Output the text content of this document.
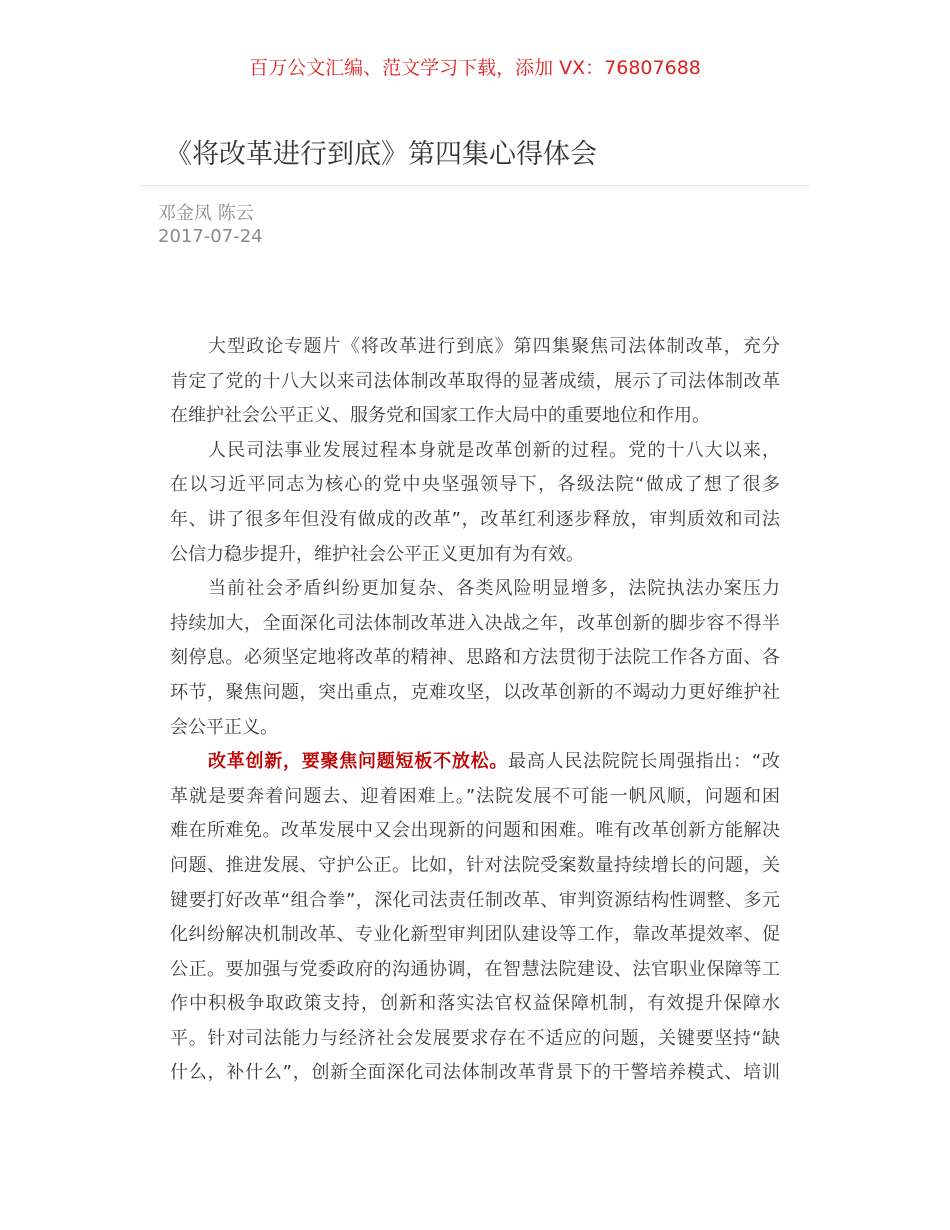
百万公文汇编、范文学习下载，添加 VX：76807688
《将改革进行到底》第四集心得体会
邓金凤 陈云
2017-07-24
大型政论专题片《将改革进行到底》第四集聚焦司法体制改革，充分
肯定了党的十八大以来司法体制改革取得的显著成绩，展示了司法体制改革
在维护社会公平正义、服务党和国家工作大局中的重要地位和作用。
人民司法事业发展过程本身就是改革创新的过程。党的十八大以来，
在以习近平同志为核心的党中央坚强领导下，各级法院“做成了想了很多
年、讲了很多年但没有做成的改革”，改革红利逐步释放，审判质效和司法
公信力稳步提升，维护社会公平正义更加有为有效。
当前社会矛盾纠纷更加复杂、各类风险明显增多，法院执法办案压力
持续加大，全面深化司法体制改革进入决战之年，改革创新的脚步容不得半
刻停息。必须坚定地将改革的精神、思路和方法贯彻于法院工作各方面、各
环节，聚焦问题，突出重点，克难攻坚，以改革创新的不竭动力更好维护社
会公平正义。
改革创新，要聚焦问题短板不放松。最高人民法院院长周强指出：“改
革就是要奔着问题去、迎着困难上。”法院发展不可能一帆风顺，问题和困
难在所难免。改革发展中又会出现新的问题和困难。唯有改革创新方能解决
问题、推进发展、守护公正。比如，针对法院受案数量持续增长的问题，关
键要打好改革“组合拳”，深化司法责任制改革、审判资源结构性调整、多元
化纠纷解决机制改革、专业化新型审判团队建设等工作，靠改革提效率、促
公正。要加强与党委政府的沟通协调，在智慧法院建设、法官职业保障等工
作中积极争取政策支持，创新和落实法官权益保障机制，有效提升保障水
平。针对司法能力与经济社会发展要求存在不适应的问题，关键要坚持“缺
什么，补什么”，创新全面深化司法体制改革背景下的干警培养模式、培训
